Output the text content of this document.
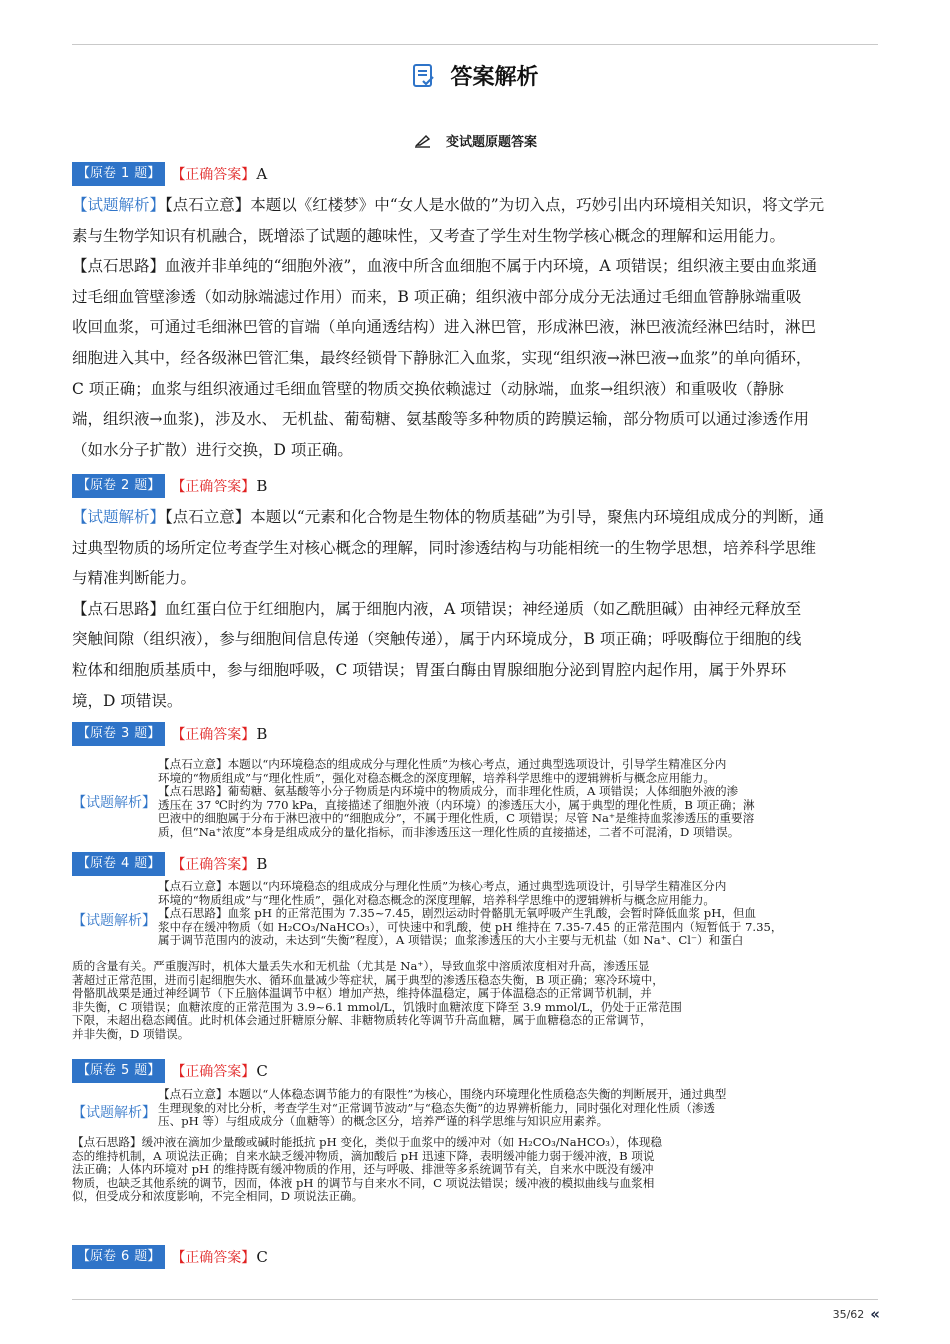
答案解析
变试题原题答案
【原卷 1 题】 【正确答案】 A
【试题解析】【点石立意】本题以《红楼梦》中“女人是水做的”为切入点，巧妙引出内环境相关知识，将文学元
素与生物学知识有机融合，既增添了试题的趣味性，又考查了学生对生物学核心概念的理解和运用能力。
【点石思路】血液并非单纯的“细胞外液”，血液中所含血细胞不属于内环境，A 项错误；组织液主要由血浆通
过毛细血管壁渗透（如动脉端滤过作用）而来，B 项正确；组织液中部分成分无法通过毛细血管静脉端重吸
收回血浆，可通过毛细淋巴管的盲端（单向通透结构）进入淋巴管，形成淋巴液，淋巴液流经淋巴结时，淋巴
细胞进入其中，经各级淋巴管汇集，最终经锁骨下静脉汇入血浆，实现“组织液→淋巴液→血浆”的单向循环，
C 项正确；血浆与组织液通过毛细血管壁的物质交换依赖滤过（动脉端，血浆→组织液）和重吸收（静脉
端，组织液→血浆)，涉及水、 无机盐、葡萄糖、氨基酸等多种物质的跨膜运输，部分物质可以通过渗透作用
（如水分子扩散）进行交换，D 项正确。
【原卷 2 题】 【正确答案】 B
【试题解析】【点石立意】本题以“元素和化合物是生物体的物质基础”为引导，聚焦内环境组成成分的判断，通
过典型物质的场所定位考查学生对核心概念的理解，同时渗透结构与功能相统一的生物学思想，培养科学思维
与精准判断能力。
【点石思路】血红蛋白位于红细胞内，属于细胞内液，A 项错误；神经递质（如乙酰胆碱）由神经元释放至
突触间隙（组织液），参与细胞间信息传递（突触传递），属于内环境成分，B 项正确；呼吸酶位于细胞的线
粒体和细胞质基质中，参与细胞呼吸，C 项错误；胃蛋白酶由胃腺细胞分泌到胃腔内起作用，属于外界环
境，D 项错误。
【原卷 3 题】 【正确答案】 B
【试题解析】
【点石立意】本题以“内环境稳态的组成成分与理化性质”为核心考点，通过典型选项设计，引导学生精准区分内
环境的“物质组成”与“理化性质”，强化对稳态概念的深度理解，培养科学思维中的逻辑辨析与概念应用能力。
【点石思路】葡萄糖、氨基酸等小分子物质是内环境中的物质成分，而非理化性质，A 项错误；人体细胞外液的渗
透压在 37 ℃时约为 770 kPa，直接描述了细胞外液（内环境）的渗透压大小，属于典型的理化性质，B 项正确；淋
巴液中的细胞属于分布于淋巴液中的“细胞成分”，不属于理化性质，C 项错误；尽管 Na⁺是维持血浆渗透压的重要溶
质，但“Na⁺浓度”本身是组成成分的量化指标，而非渗透压这一理化性质的直接描述，二者不可混淆，D 项错误。
【原卷 4 题】 【正确答案】 B
【试题解析】
【点石立意】本题以“内环境稳态的组成成分与理化性质”为核心考点，通过典型选项设计，引导学生精准区分内
环境的“物质组成”与“理化性质”，强化对稳态概念的深度理解，培养科学思维中的逻辑辨析与概念应用能力。
【点石思路】血浆 pH 的正常范围为 7.35~7.45，剧烈运动时骨骼肌无氧呼吸产生乳酸，会暂时降低血浆 pH，但血
浆中存在缓冲物质（如 H₂CO₃/NaHCO₃），可快速中和乳酸，使 pH 维持在 7.35-7.45 的正常范围内（短暂低于 7.35，
属于调节范围内的波动，未达到“失衡”程度），A 项错误；血浆渗透压的大小主要与无机盐（如 Na⁺、Cl⁻）和蛋白
质的含量有关。严重腹泻时，机体大量丢失水和无机盐（尤其是 Na⁺），导致血浆中溶质浓度相对升高，渗透压显
著超过正常范围，进而引起细胞失水、循环血量减少等症状，属于典型的渗透压稳态失衡，B 项正确；寒冷环境中，
骨骼肌战栗是通过神经调节（下丘脑体温调节中枢）增加产热，维持体温稳定，属于体温稳态的正常调节机制，并
非失衡，C 项错误；血糖浓度的正常范围为 3.9~6.1 mmol/L，饥饿时血糖浓度下降至 3.9 mmol/L，仍处于正常范围
下限，未超出稳态阈值。此时机体会通过肝糖原分解、非糖物质转化等调节升高血糖，属于血糖稳态的正常调节，
并非失衡，D 项错误。
【原卷 5 题】 【正确答案】 C
【试题解析】
【点石立意】本题以“人体稳态调节能力的有限性”为核心，围绕内环境理化性质稳态失衡的判断展开，通过典型
生理现象的对比分析，考查学生对“正常调节波动”与“稳态失衡”的边界辨析能力，同时强化对理化性质（渗透
压、pH 等）与组成成分（血糖等）的概念区分，培养严谨的科学思维与知识应用素养。
【点石思路】缓冲液在滴加少量酸或碱时能抵抗 pH 变化，类似于血浆中的缓冲对（如 H₂CO₃/NaHCO₃），体现稳
态的维持机制，A 项说法正确；自来水缺乏缓冲物质，滴加酸后 pH 迅速下降，表明缓冲能力弱于缓冲液，B 项说
法正确；人体内环境对 pH 的维持既有缓冲物质的作用，还与呼吸、排泄等多系统调节有关，自来水中既没有缓冲
物质，也缺乏其他系统的调节，因而，体液 pH 的调节与自来水不同，C 项说法错误；缓冲液的模拟曲线与血浆相
似，但受成分和浓度影响，不完全相同，D 项说法正确。
【原卷 6 题】 【正确答案】 C
35/62 «
